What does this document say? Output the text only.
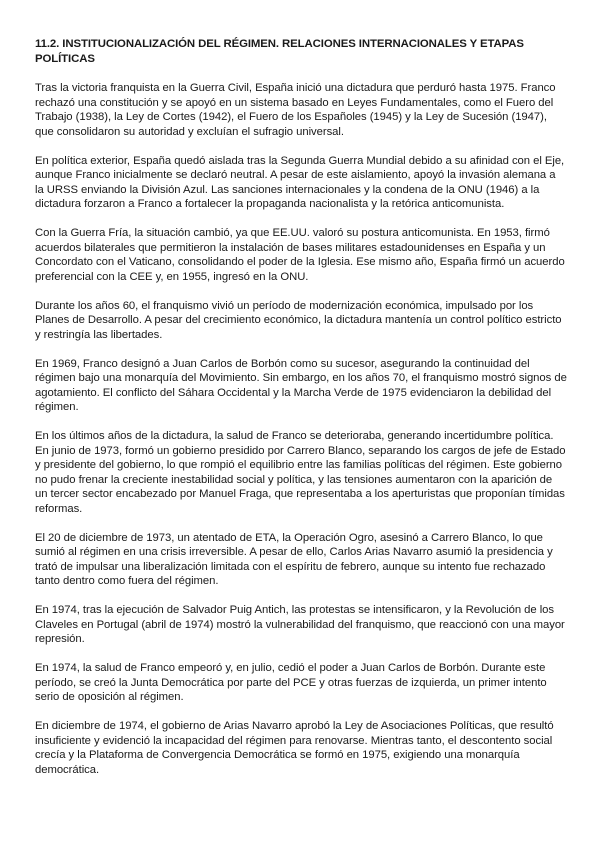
11.2. INSTITUCIONALIZACIÓN DEL RÉGIMEN. RELACIONES INTERNACIONALES Y ETAPAS POLÍTICAS

Tras la victoria franquista en la Guerra Civil, España inició una dictadura que perduró hasta 1975. Franco rechazó una constitución y se apoyó en un sistema basado en Leyes Fundamentales, como el Fuero del Trabajo (1938), la Ley de Cortes (1942), el Fuero de los Españoles (1945) y la Ley de Sucesión (1947), que consolidaron su autoridad y excluían el sufragio universal.

En política exterior, España quedó aislada tras la Segunda Guerra Mundial debido a su afinidad con el Eje, aunque Franco inicialmente se declaró neutral. A pesar de este aislamiento, apoyó la invasión alemana a la URSS enviando la División Azul. Las sanciones internacionales y la condena de la ONU (1946) a la dictadura forzaron a Franco a fortalecer la propaganda nacionalista y la retórica anticomunista.

Con la Guerra Fría, la situación cambió, ya que EE.UU. valoró su postura anticomunista. En 1953, firmó acuerdos bilaterales que permitieron la instalación de bases militares estadounidenses en España y un Concordato con el Vaticano, consolidando el poder de la Iglesia. Ese mismo año, España firmó un acuerdo preferencial con la CEE y, en 1955, ingresó en la ONU.

Durante los años 60, el franquismo vivió un período de modernización económica, impulsado por los Planes de Desarrollo. A pesar del crecimiento económico, la dictadura mantenía un control político estricto y restringía las libertades.

En 1969, Franco designó a Juan Carlos de Borbón como su sucesor, asegurando la continuidad del régimen bajo una monarquía del Movimiento. Sin embargo, en los años 70, el franquismo mostró signos de agotamiento. El conflicto del Sáhara Occidental y la Marcha Verde de 1975 evidenciaron la debilidad del régimen.

En los últimos años de la dictadura, la salud de Franco se deterioraba, generando incertidumbre política. En junio de 1973, formó un gobierno presidido por Carrero Blanco, separando los cargos de jefe de Estado y presidente del gobierno, lo que rompió el equilibrio entre las familias políticas del régimen. Este gobierno no pudo frenar la creciente inestabilidad social y política, y las tensiones aumentaron con la aparición de un tercer sector encabezado por Manuel Fraga, que representaba a los aperturistas que proponían tímidas reformas.

El 20 de diciembre de 1973, un atentado de ETA, la Operación Ogro, asesinó a Carrero Blanco, lo que sumió al régimen en una crisis irreversible. A pesar de ello, Carlos Arias Navarro asumió la presidencia y trató de impulsar una liberalización limitada con el espíritu de febrero, aunque su intento fue rechazado tanto dentro como fuera del régimen.

En 1974, tras la ejecución de Salvador Puig Antich, las protestas se intensificaron, y la Revolución de los Claveles en Portugal (abril de 1974) mostró la vulnerabilidad del franquismo, que reaccionó con una mayor represión.

En 1974, la salud de Franco empeoró y, en julio, cedió el poder a Juan Carlos de Borbón. Durante este período, se creó la Junta Democrática por parte del PCE y otras fuerzas de izquierda, un primer intento serio de oposición al régimen.

En diciembre de 1974, el gobierno de Arias Navarro aprobó la Ley de Asociaciones Políticas, que resultó insuficiente y evidenció la incapacidad del régimen para renovarse. Mientras tanto, el descontento social crecía y la Plataforma de Convergencia Democrática se formó en 1975, exigiendo una monarquía democrática.
